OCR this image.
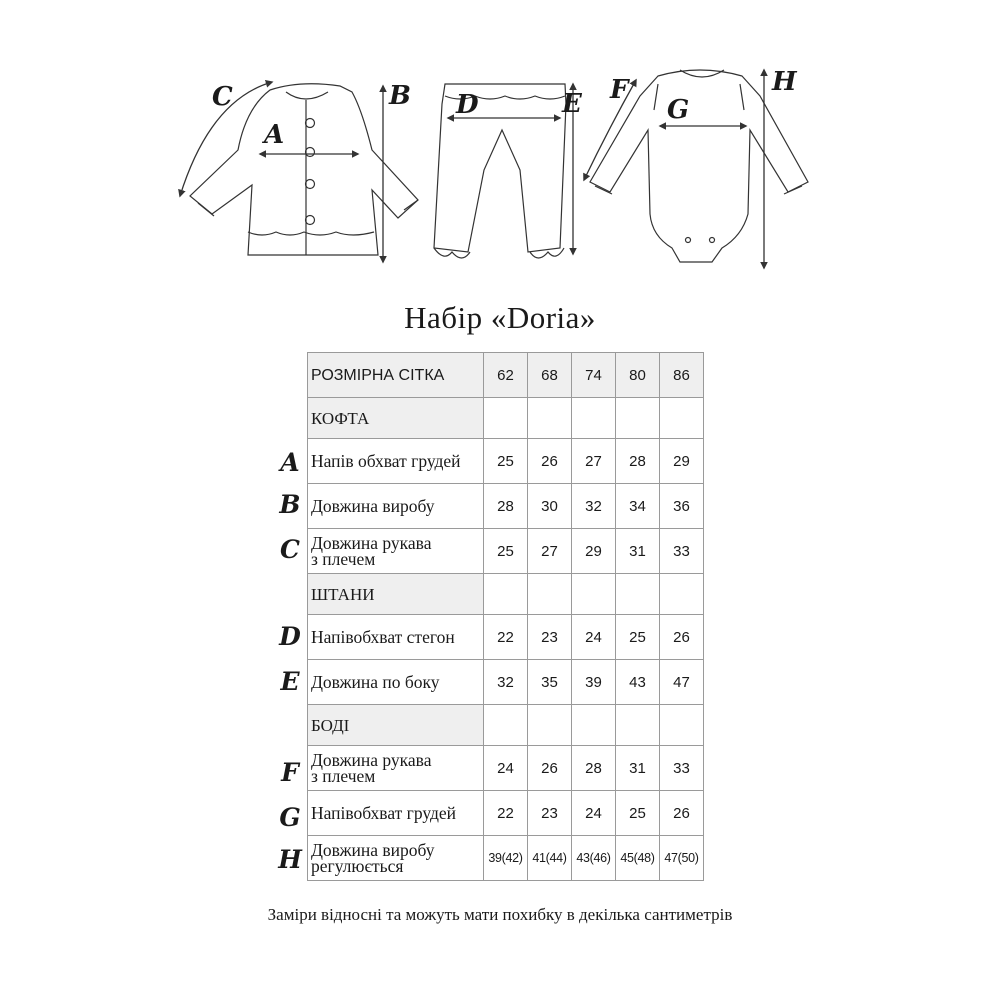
A
B
C	D	E F
G
H
Набір «Doria»
A
B
C
D
E
F
G
H
РОЗМІРНА СІТКА	62	68	74	80	86
КОФТА					
Напів обхват грудей	25	26	27	28	29
Довжина виробу	28	30	32	34	36
Довжина рукава
з плечем	25	27	29	31	33
ШТАНИ					
Напівобхват стегон	22	23	24	25	26
Довжина по боку	32	35	39	43	47
БОДІ					
Довжина рукава
з плечем	24	26	28	31	33
Напівобхват грудей	22	23	24	25	26
Довжина виробу
регулюється	39(42)	41(44)	43(46)	45(48)	47(50)
Заміри відносні та можуть мати похибку в декілька сантиметрів
